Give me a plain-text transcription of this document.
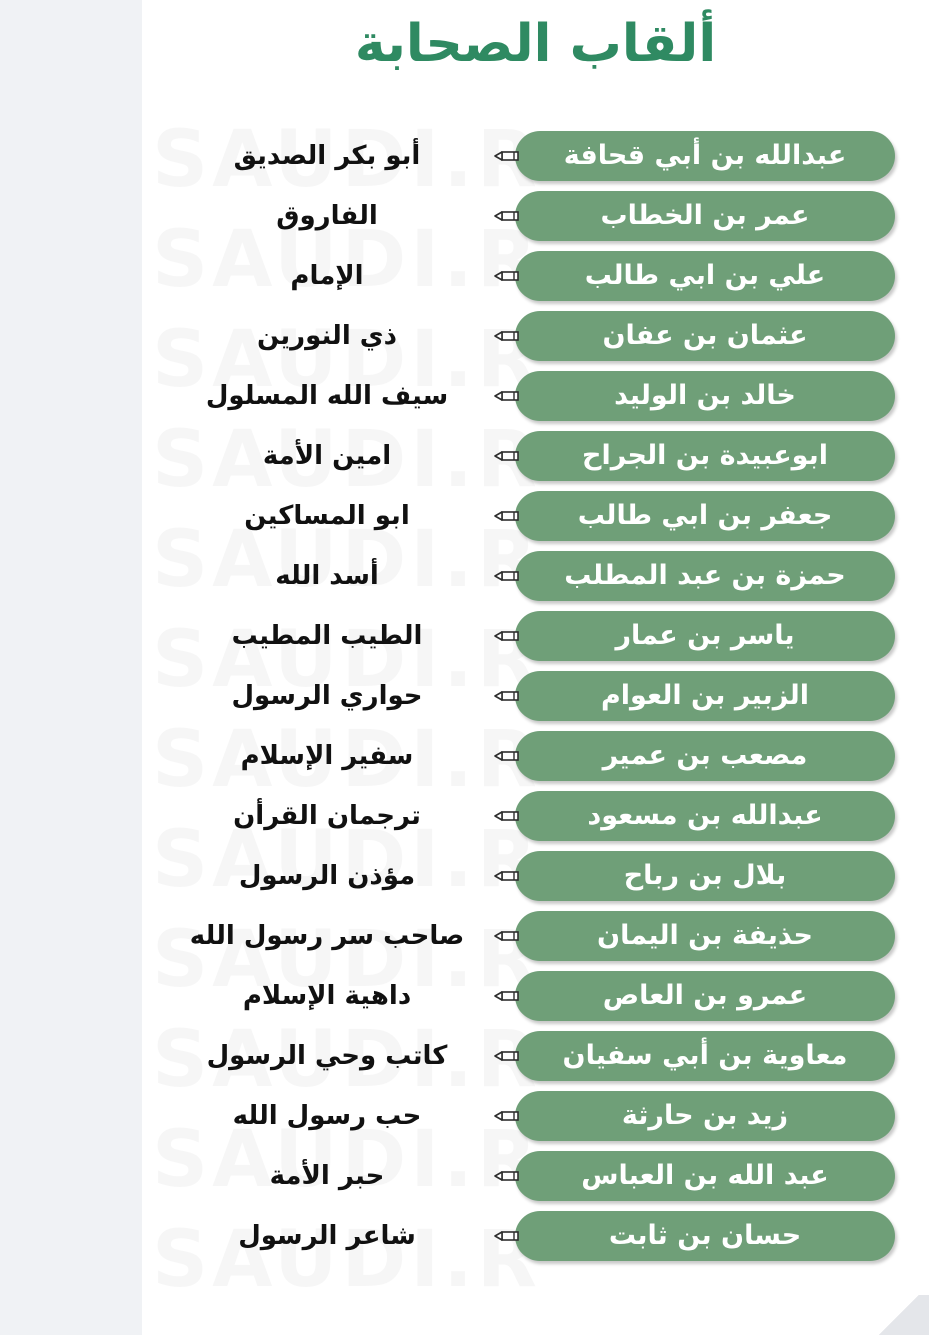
ألقاب الصحابة
عبدالله بن أبي قحافة
أبو بكر الصديق
عمر بن الخطاب
الفاروق
علي بن ابي طالب
الإمام
عثمان بن عفان
ذي النورين
خالد بن الوليد
سيف الله المسلول
ابوعبيدة بن الجراح
امين الأمة
جعفر بن ابي طالب
ابو المساكين
حمزة بن عبد المطلب
أسد الله
ياسر بن عمار
الطيب المطيب
الزبير بن العوام
حواري الرسول
مصعب بن عمير
سفير الإسلام
عبدالله بن مسعود
ترجمان القرأن
بلال بن رباح
مؤذن الرسول
حذيفة بن اليمان
صاحب سر رسول الله
عمرو بن العاص
داهية الإسلام
معاوية بن أبي سفيان
كاتب وحي الرسول
زيد بن حارثة
حب رسول الله
عبد الله بن العباس
حبر الأمة
حسان بن ثابت
شاعر الرسول
